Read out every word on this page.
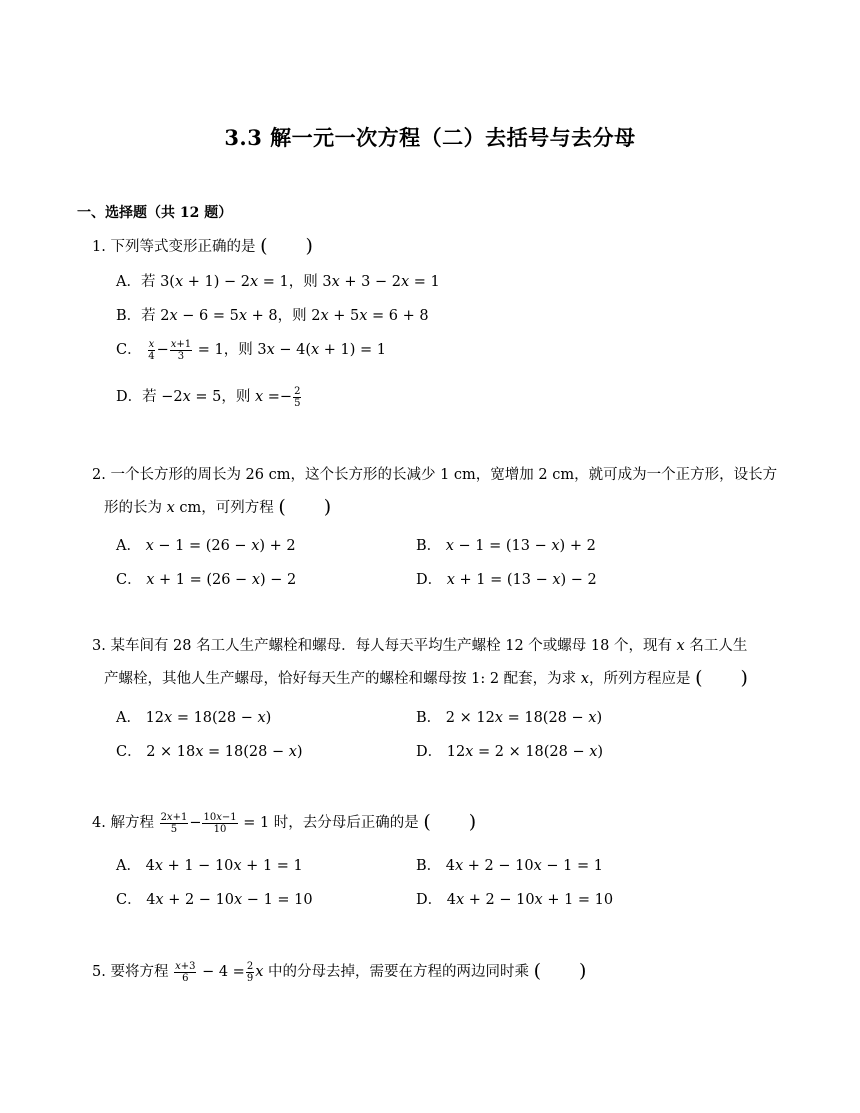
3.3 解一元一次方程（二）去括号与去分母
一、选择题（共 12 题）
1. 下列等式变形正确的是 (　　)
A．若 3(𝑥 + 1) − 2𝑥 = 1，则 3𝑥 + 3 − 2𝑥 = 1
B．若 2𝑥 − 6 = 5𝑥 + 8，则 2𝑥 + 5𝑥 = 6 + 8
C． $\frac{\text{𝑥}}{4} - \frac{\text{𝑥+1}}{3} = 1$，则 3𝑥 − 4(𝑥 + 1) = 1
D．若 −2𝑥 = 5，则 𝑥 =− $\frac{2}{5}$
2. 一个长方形的周长为 26 cm，这个长方形的长减少 1 cm，宽增加 2 cm，就可成为一个正方形，设长方
形的长为 𝑥 cm，可列方程 (　　)
A． 𝑥 − 1 = (26 − 𝑥) + 2	B． 𝑥 − 1 = (13 − 𝑥) + 2
C． 𝑥 + 1 = (26 − 𝑥) − 2	D． 𝑥 + 1 = (13 − 𝑥) − 2
3. 某车间有 28 名工人生产螺栓和螺母．每人每天平均生产螺栓 12 个或螺母 18 个，现有 𝑥 名工人生
产螺栓，其他人生产螺母，恰好每天生产的螺栓和螺母按 1: 2 配套，为求 𝑥，所列方程应是 (　　)
A． 12𝑥 = 18(28 − 𝑥)	B． 2 × 12𝑥 = 18(28 − 𝑥)
C． 2 × 18𝑥 = 18(28 − 𝑥)	D． 12𝑥 = 2 × 18(28 − 𝑥)
4. 解方程 $\frac{\text{2𝑥+1}}{5} - \frac{\text{10𝑥−1}}{10} = 1$ 时，去分母后正确的是 (　　)
A． 4𝑥 + 1 − 10𝑥 + 1 = 1	B． 4𝑥 + 2 − 10𝑥 − 1 = 1
C． 4𝑥 + 2 − 10𝑥 − 1 = 10	D． 4𝑥 + 2 − 10𝑥 + 1 = 10
5. 要将方程 $\frac{\text{𝑥+3}}{6} - 4 = \frac{2}{9}$ 𝑥 中的分母去掉，需要在方程的两边同时乘 (　　)
